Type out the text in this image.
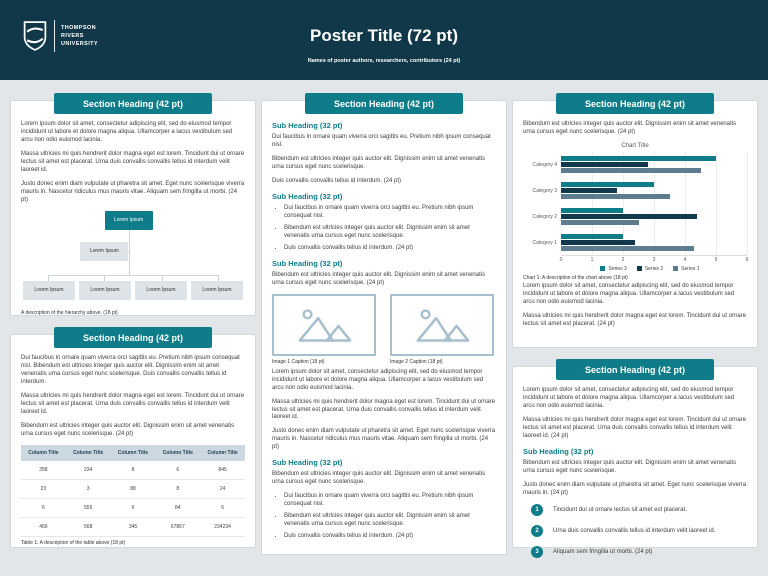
THOMPSON
RIVERS
UNIVERSITY	Poster Title (72 pt)
Names of poster authors, researchers, contributors (24 pt)
Section Heading (42 pt)

Lorem ipsum dolor sit amet, consectetur adipiscing elit, sed do eiusmod tempor incididunt ut labore et dolore magna aliqua. Ullamcorper a lacus vestibulum sed arcu non odio euismod lacinia.

Massa ultricies mi quis hendrerit dolor magna eget est lorem. Tincidunt dui ut ornare lectus sit amet est placerat. Urna duis convallis convallis tellus id interdum velit laoreet id.

Justo donec enim diam vulputate ut pharetra sit amet. Eget nunc scelerisque viverra mauris in. Nascetur ridiculus mus mauris vitae. Aliquam sem fringilla ut morbi. (24 pt)

Lorem Ipsum
Lorem Ipsum
Lorem Ipsum	Lorem Ipsum	Lorem Ipsum	Lorem Ipsum

A description of the hierarchy above. (18 pt)

Section Heading (42 pt)

Dui faucibus in ornare quam viverra orci sagittis eu. Pretium nibh ipsum consequat nisl. Bibendum est ultricies integer quis auctor elit. Dignissim enim sit amet venenatis urna cursus eget nunc scelerisque. Duis convallis convallis tellus id interdum.

Massa ultricies mi quis hendrerit dolor magna eget est lorem. Tincidunt dui ut ornare lectus sit amet est placerat. Urna duis convallis convallis tellus id interdum velit laoreet id.

Bibendum est ultricies integer quis auctor elit. Dignissim enim sit amet venenatis urna cursus eget nunc scelerisque. (24 pt)

Column Title	Column Title	Column Title	Column Title	Column Title
358	234	8	6	845
23	3	88	8	24
6	555	6	84	6
456	568	345	67867	234234

Table 1: A description of the table above (18 pt)

Section Heading (42 pt)
Sub Heading (32 pt)

Dui faucibus in ornare quam viverra orci sagittis eu. Pretium nibh ipsum consequat nisl.

Bibendum est ultricies integer quis auctor elit. Dignissim enim sit amet venenatis urna cursus eget nunc scelerisque.

Duis convallis convallis tellus id interdum. (24 pt)

Sub Heading (32 pt)
• Dui faucibus in ornare quam viverra orci sagittis eu. Pretium nibh ipsum consequat nisl.
• Bibendum est ultricies integer quis auctor elit. Dignissim enim sit amet venenatis urna cursus eget nunc scelerisque.
• Duis convallis convallis tellus id interdum. (24 pt)
Sub Heading (32 pt)

Bibendum est ultricies integer quis auctor elit. Dignissim enim sit amet venenatis urna cursus eget nunc scelerisque. (24 pt)

Image 1 Caption (18 pt)	Image 2 Caption (18 pt)

Lorem ipsum dolor sit amet, consectetur adipiscing elit, sed do eiusmod tempor incididunt ut labore et dolore magna aliqua. Ullamcorper a lacus vestibulum sed arcu non odio euismod lacinia.

Massa ultricies mi quis hendrerit dolor magna eget est lorem. Tincidunt dui ut ornare lectus sit amet est placerat. Urna duis convallis convallis tellus id interdum velit laoreet id.

Justo donec enim diam vulputate ut pharetra sit amet. Eget nunc scelerisque viverra mauris in. Nascetur ridiculus mus mauris vitae. Aliquam sem fringilla ut morbi. (24 pt)

Sub Heading (32 pt)

Bibendum est ultricies integer quis auctor elit. Dignissim enim sit amet venenatis urna cursus eget nunc scelerisque.

• Dui faucibus in ornare quam viverra orci sagittis eu. Pretium nibh ipsum consequat nisl.
• Bibendum est ultricies integer quis auctor elit. Dignissim enim sit amet venenatis urna cursus eget nunc scelerisque.
• Duis convallis convallis tellus id interdum. (24 pt)
Section Heading (42 pt)

Bibendum est ultricies integer quis auctor elit. Dignissim enim sit amet venenatis urna cursus eget nunc scelerisque. (24 pt)

Chart Title
Category 4
Category 3
Category 2
Category 1
0	1	2	3	4	5	6
Series 3	Series 2	Series 1

Chart 1: A description of the chart above (18 pt)

Lorem ipsum dolor sit amet, consectetur adipiscing elit, sed do eiusmod tempor incididunt ut labore et dolore magna aliqua. Ullamcorper a lacus vestibulum sed arcu non odio euismod lacinia.

Massa ultricies mi quis hendrerit dolor magna eget est lorem. Tincidunt dui ut ornare lectus sit amet est placerat. (24 pt)

Section Heading (42 pt)

Lorem ipsum dolor sit amet, consectetur adipiscing elit, sed do eiusmod tempor incididunt ut labore et dolore magna aliqua. Ullamcorper a lacus vestibulum sed arcu non odio euismod lacinia.

Massa ultricies mi quis hendrerit dolor magna eget est lorem. Tincidunt dui ut ornare lectus sit amet est placerat. Urna duis convallis convallis tellus id interdum velit laoreet id. (24 pt)

Sub Heading (32 pt)

Bibendum est ultricies integer quis auctor elit. Dignissim enim sit amet venenatis urna cursus eget nunc scelerisque.

Justo donec enim diam vulputate ut pharetra sit amet. Eget nunc scelerisque viverra mauris in. (24 pt)

1	Tincidunt dui ut ornare lectus sit amet est placerat.
2	Urna duis convallis convallis tellus id interdum velit laoreet id.
3	Aliquam sem fringilla ut morbi. (24 pt)
